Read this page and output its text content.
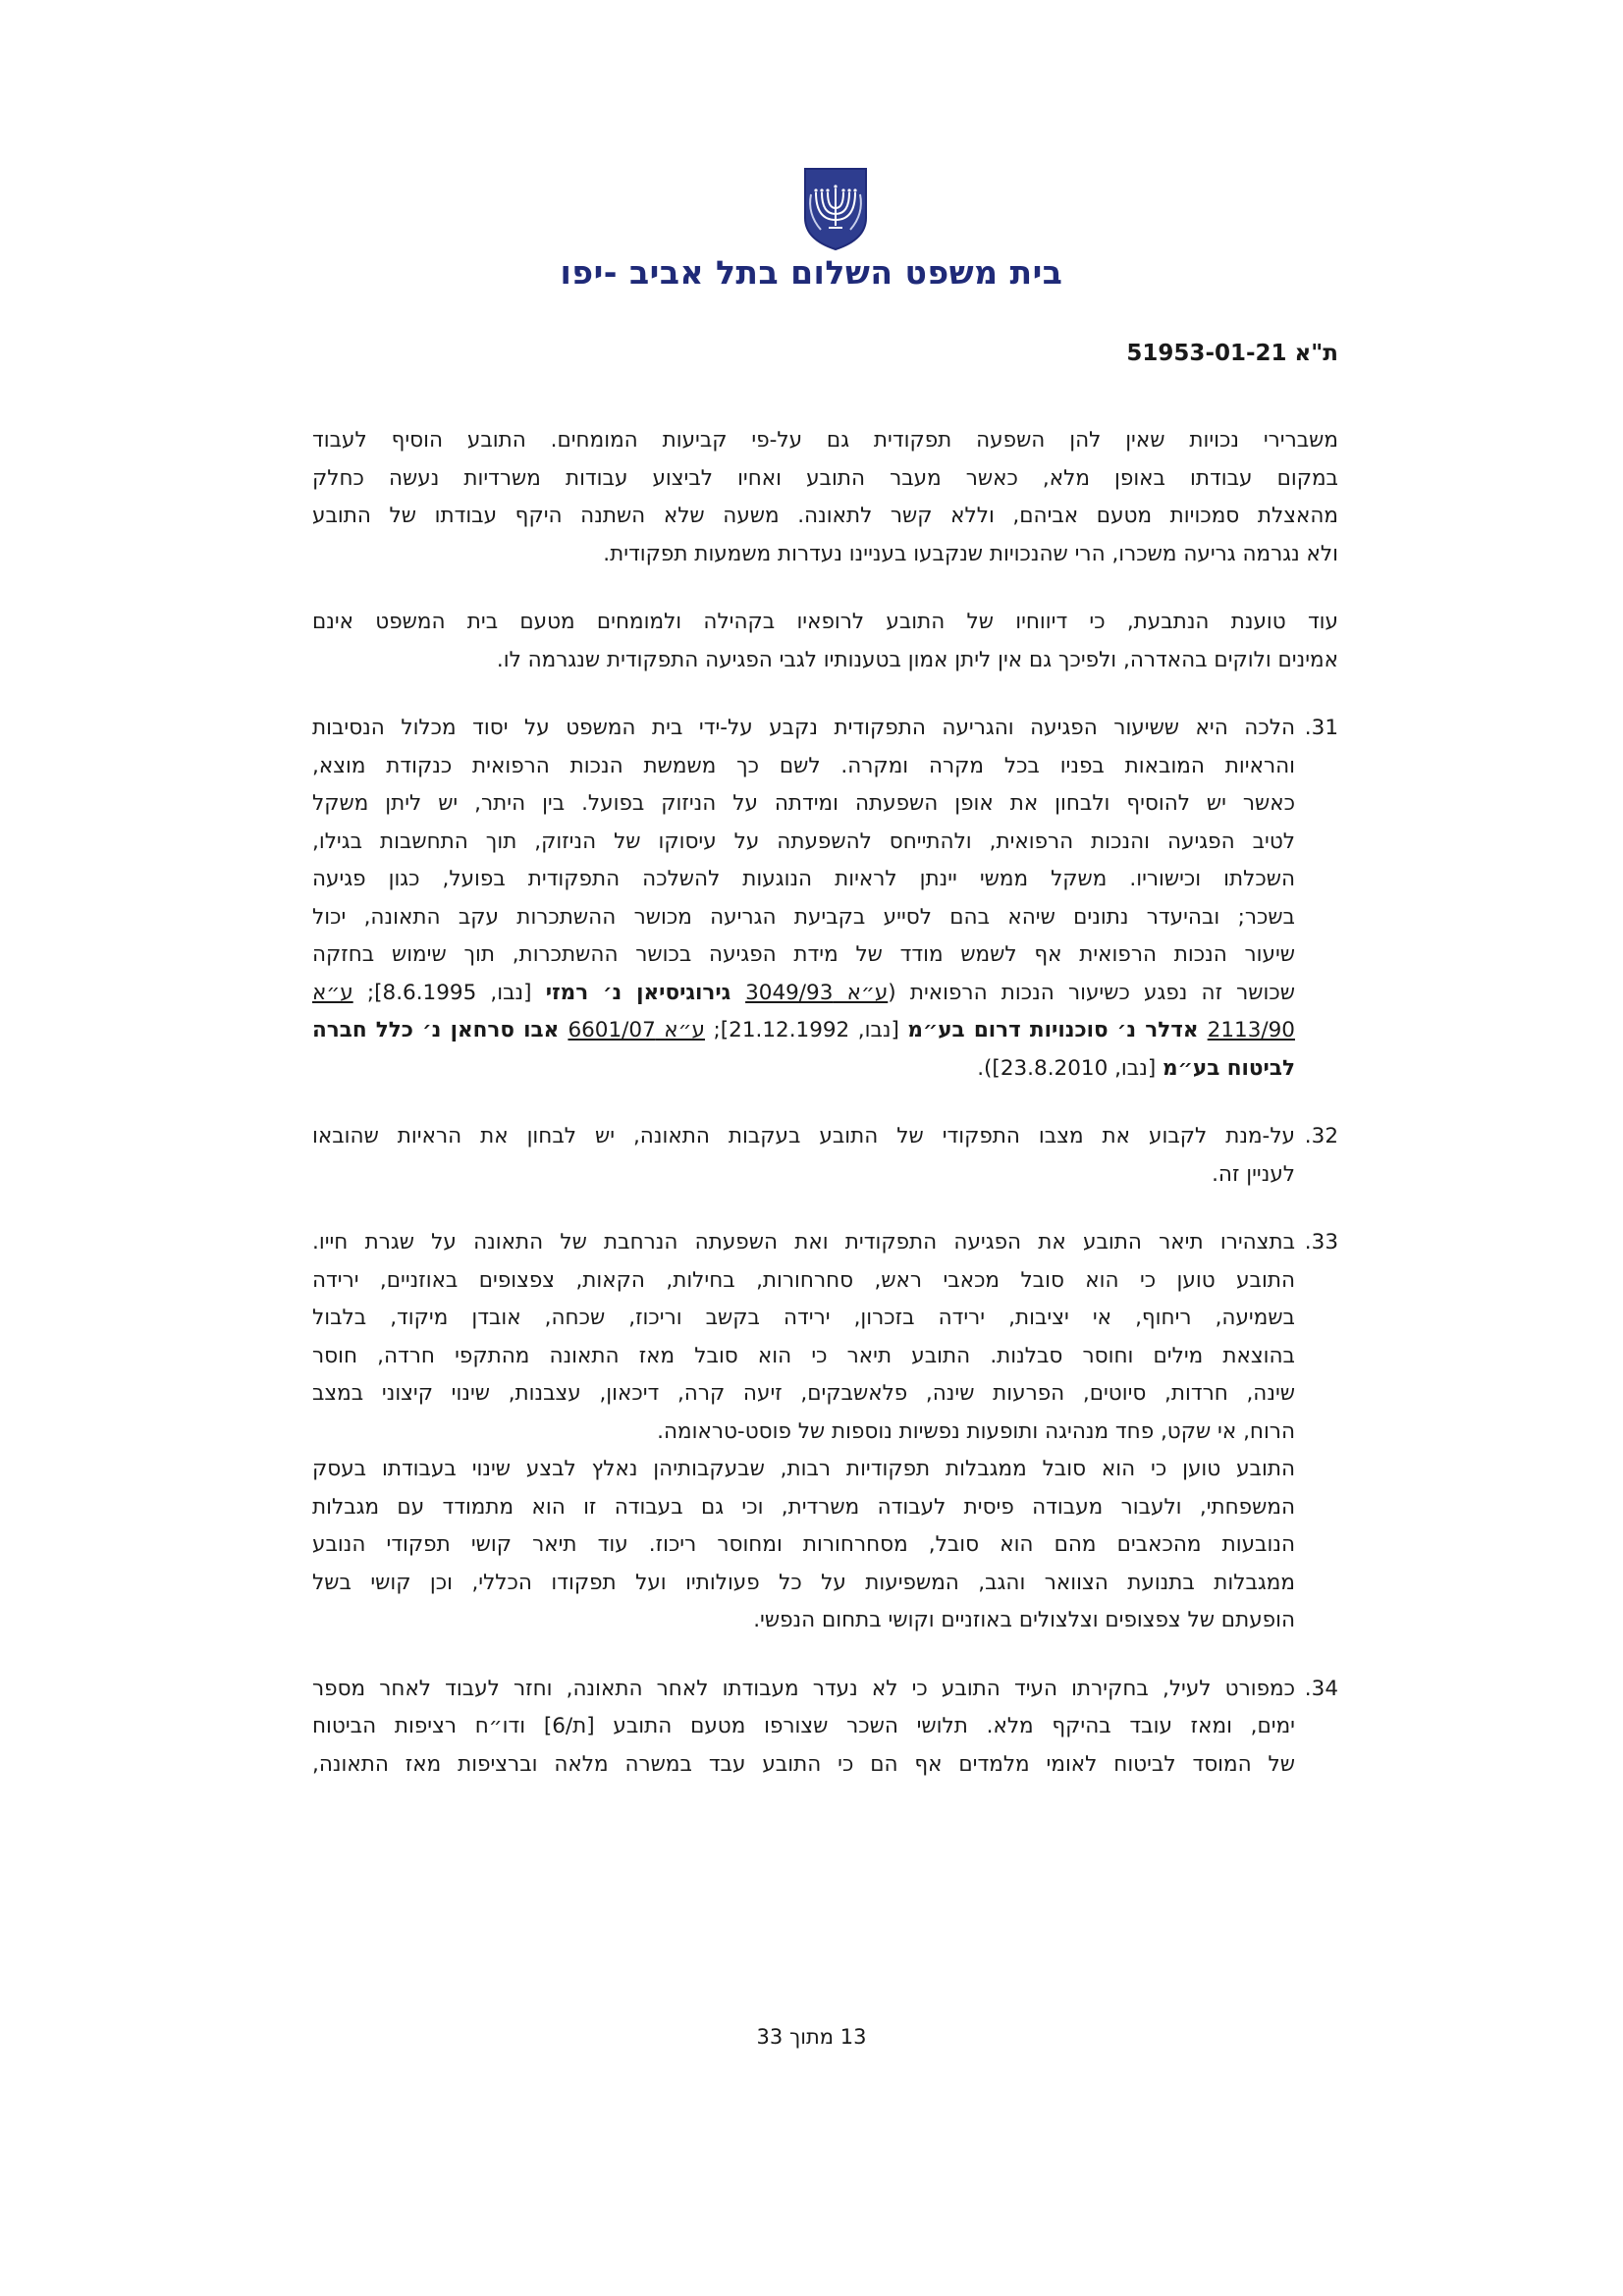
בית משפט השלום בתל אביב -יפו
ת"א 51953-01-21
משברירי נכויות שאין להן השפעה תפקודית גם על-פי קביעות המומחים. התובע הוסיף לעבוד
במקום עבודתו באופן מלא, כאשר מעבר התובע ואחיו לביצוע עבודות משרדיות נעשה כחלק
מהאצלת סמכויות מטעם אביהם, וללא קשר לתאונה. משעה שלא השתנה היקף עבודתו של התובע
ולא נגרמה גריעה משכרו, הרי שהנכויות שנקבעו בעניינו נעדרות משמעות תפקודית.
עוד טוענת הנתבעת, כי דיווחיו של התובע לרופאיו בקהילה ולמומחים מטעם בית המשפט אינם
אמינים ולוקים בהאדרה, ולפיכך גם אין ליתן אמון בטענותיו לגבי הפגיעה התפקודית שנגרמה לו.
31.
הלכה היא ששיעור הפגיעה והגריעה התפקודית נקבע על-ידי בית המשפט על יסוד מכלול הנסיבות
והראיות המובאות בפניו בכל מקרה ומקרה. לשם כך משמשת הנכות הרפואית כנקודת מוצא,
כאשר יש להוסיף ולבחון את אופן השפעתה ומידתה על הניזוק בפועל. בין היתר, יש ליתן משקל
לטיב הפגיעה והנכות הרפואית, ולהתייחס להשפעתה על עיסוקו של הניזוק, תוך התחשבות בגילו,
השכלתו וכישוריו. משקל ממשי יינתן לראיות הנוגעות להשלכה התפקודית בפועל, כגון פגיעה
בשכר; ובהיעדר נתונים שיהא בהם לסייע בקביעת הגריעה מכושר ההשתכרות עקב התאונה, יכול
שיעור הנכות הרפואית אף לשמש מודד של מידת הפגיעה בכושר ההשתכרות, תוך שימוש בחזקה
שכושר זה נפגע כשיעור הנכות הרפואית (ע״א 3049/93 גירוגיסיאן נ׳ רמזי [נבו, 8.6.1995]; ע״א
2113/90 אדלר נ׳ סוכנויות דרום בע״מ [נבו, 21.12.1992]; ע״א 6601/07 אבו סרחאן נ׳ כלל חברה
לביטוח בע״מ [נבו, 23.8.2010]).
32.
על-מנת לקבוע את מצבו התפקודי של התובע בעקבות התאונה, יש לבחון את הראיות שהובאו
לעניין זה.
33.
בתצהירו תיאר התובע את הפגיעה התפקודית ואת השפעתה הנרחבת של התאונה על שגרת חייו.
התובע טוען כי הוא סובל מכאבי ראש, סחרחורות, בחילות, הקאות, צפצופים באוזניים, ירידה
בשמיעה, ריחוף, אי יציבות, ירידה בזכרון, ירידה בקשב וריכוז, שכחה, אובדן מיקוד, בלבול
בהוצאת מילים וחוסר סבלנות. התובע תיאר כי הוא סובל מאז התאונה מהתקפי חרדה, חוסר
שינה, חרדות, סיוטים, הפרעות שינה, פלאשבקים, זיעה קרה, דיכאון, עצבנות, שינוי קיצוני במצב
הרוח, אי שקט, פחד מנהיגה ותופעות נפשיות נוספות של פוסט-טראומה.
התובע טוען כי הוא סובל ממגבלות תפקודיות רבות, שבעקבותיהן נאלץ לבצע שינוי בעבודתו בעסק
המשפחתי, ולעבור מעבודה פיסית לעבודה משרדית, וכי גם בעבודה זו הוא מתמודד עם מגבלות
הנובעות מהכאבים מהם הוא סובל, מסחרחורות ומחוסר ריכוז. עוד תיאר קושי תפקודי הנובע
ממגבלות בתנועת הצוואר והגב, המשפיעות על כל פעולותיו ועל תפקודו הכללי, וכן קושי בשל
הופעתם של צפצופים וצלצולים באוזניים וקושי בתחום הנפשי.
34.
כמפורט לעיל, בחקירתו העיד התובע כי לא נעדר מעבודתו לאחר התאונה, וחזר לעבוד לאחר מספר
ימים, ומאז עובד בהיקף מלא. תלושי השכר שצורפו מטעם התובע [ת/6] ודו״ח רציפות הביטוח
של המוסד לביטוח לאומי מלמדים אף הם כי התובע עבד במשרה מלאה וברציפות מאז התאונה,
13 מתוך 33
